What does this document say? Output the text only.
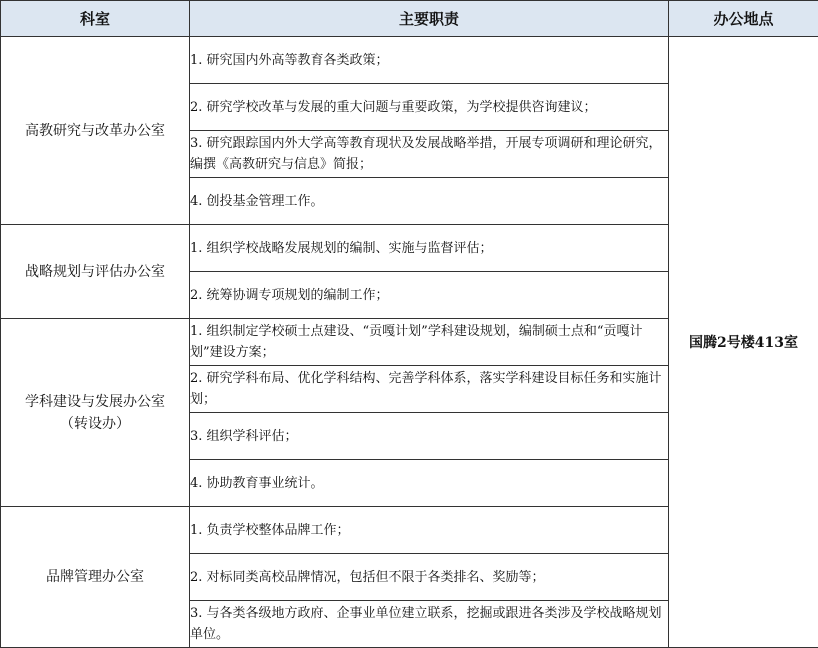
科室	主要职责	办公地点
高教研究与改革办公室	1. 研究国内外高等教育各类政策；	国腾2号楼413室
	2. 研究学校改革与发展的重大问题与重要政策，为学校提供咨询建议；	
	3. 研究跟踪国内外大学高等教育现状及发展战略举措，开展专项调研和理论研究，编撰《高教研究与信息》简报；	
	4. 创投基金管理工作。	
战略规划与评估办公室	1. 组织学校战略发展规划的编制、实施与监督评估；	
	2. 统筹协调专项规划的编制工作；	

学科建设与发展办公室
（转设办）	1. 组织制定学校硕士点建设、“贡嘎计划”学科建设规划，编制硕士点和“贡嘎计划”建设方案；	
	2. 研究学科布局、优化学科结构、完善学科体系，落实学科建设目标任务和实施计划；	
	3. 组织学科评估；	
	4. 协助教育事业统计。	
品牌管理办公室	1. 负责学校整体品牌工作；	
	2. 对标同类高校品牌情况，包括但不限于各类排名、奖励等；	
	3. 与各类各级地方政府、企事业单位建立联系，挖掘或跟进各类涉及学校战略规划单位。	
